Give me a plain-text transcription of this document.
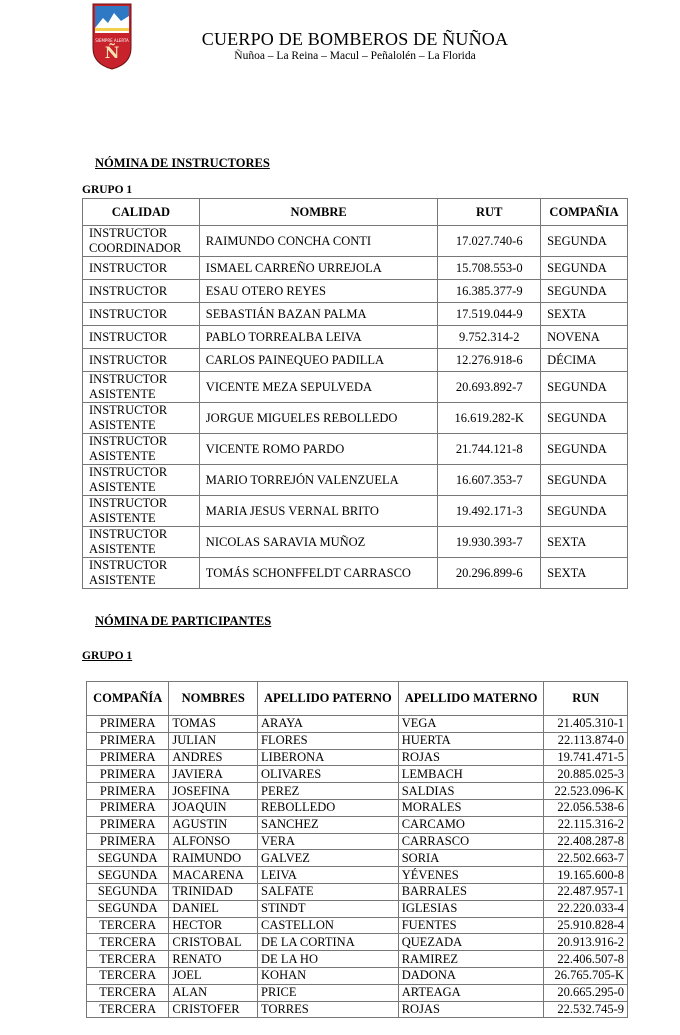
Ñ
SIEMPRE ALERTA	CUERPO DE BOMBEROS DE ÑUÑOA
Ñuñoa – La Reina – Macul – Peñalolén – La Florida
NÓMINA DE INSTRUCTORES
GRUPO 1
CALIDAD	NOMBRE	RUT	COMPAÑIA
INSTRUCTOR COORDINADOR	RAIMUNDO CONCHA CONTI	17.027.740-6	SEGUNDA
INSTRUCTOR	ISMAEL CARREÑO URREJOLA	15.708.553-0	SEGUNDA
INSTRUCTOR	ESAU OTERO REYES	16.385.377-9	SEGUNDA
INSTRUCTOR	SEBASTIÁN BAZAN PALMA	17.519.044-9	SEXTA
INSTRUCTOR	PABLO TORREALBA LEIVA	9.752.314-2	NOVENA
INSTRUCTOR	CARLOS PAINEQUEO PADILLA	12.276.918-6	DÉCIMA
INSTRUCTOR ASISTENTE	VICENTE MEZA SEPULVEDA	20.693.892-7	SEGUNDA
INSTRUCTOR ASISTENTE	JORGUE MIGUELES REBOLLEDO	16.619.282-K	SEGUNDA
INSTRUCTOR ASISTENTE	VICENTE ROMO PARDO	21.744.121-8	SEGUNDA
INSTRUCTOR ASISTENTE	MARIO TORREJÓN VALENZUELA	16.607.353-7	SEGUNDA
INSTRUCTOR ASISTENTE	MARIA JESUS VERNAL BRITO	19.492.171-3	SEGUNDA
INSTRUCTOR ASISTENTE	NICOLAS SARAVIA MUÑOZ	19.930.393-7	SEXTA
INSTRUCTOR ASISTENTE	TOMÁS SCHONFFELDT CARRASCO	20.296.899-6	SEXTA
NÓMINA DE PARTICIPANTES
GRUPO 1
COMPAÑÍA	NOMBRES	APELLIDO PATERNO	APELLIDO MATERNO	RUN
PRIMERA	TOMAS	ARAYA	VEGA	21.405.310-1
PRIMERA	JULIAN	FLORES	HUERTA	22.113.874-0
PRIMERA	ANDRES	LIBERONA	ROJAS	19.741.471-5
PRIMERA	JAVIERA	OLIVARES	LEMBACH	20.885.025-3
PRIMERA	JOSEFINA	PEREZ	SALDIAS	22.523.096-K
PRIMERA	JOAQUIN	REBOLLEDO	MORALES	22.056.538-6
PRIMERA	AGUSTIN	SANCHEZ	CARCAMO	22.115.316-2
PRIMERA	ALFONSO	VERA	CARRASCO	22.408.287-8
SEGUNDA	RAIMUNDO	GALVEZ	SORIA	22.502.663-7
SEGUNDA	MACARENA	LEIVA	YÉVENES	19.165.600-8
SEGUNDA	TRINIDAD	SALFATE	BARRALES	22.487.957-1
SEGUNDA	DANIEL	STINDT	IGLESIAS	22.220.033-4
TERCERA	HECTOR	CASTELLON	FUENTES	25.910.828-4
TERCERA	CRISTOBAL	DE LA CORTINA	QUEZADA	20.913.916-2
TERCERA	RENATO	DE LA HO	RAMIREZ	22.406.507-8
TERCERA	JOEL	KOHAN	DADONA	26.765.705-K
TERCERA	ALAN	PRICE	ARTEAGA	20.665.295-0
TERCERA	CRISTOFER	TORRES	ROJAS	22.532.745-9
